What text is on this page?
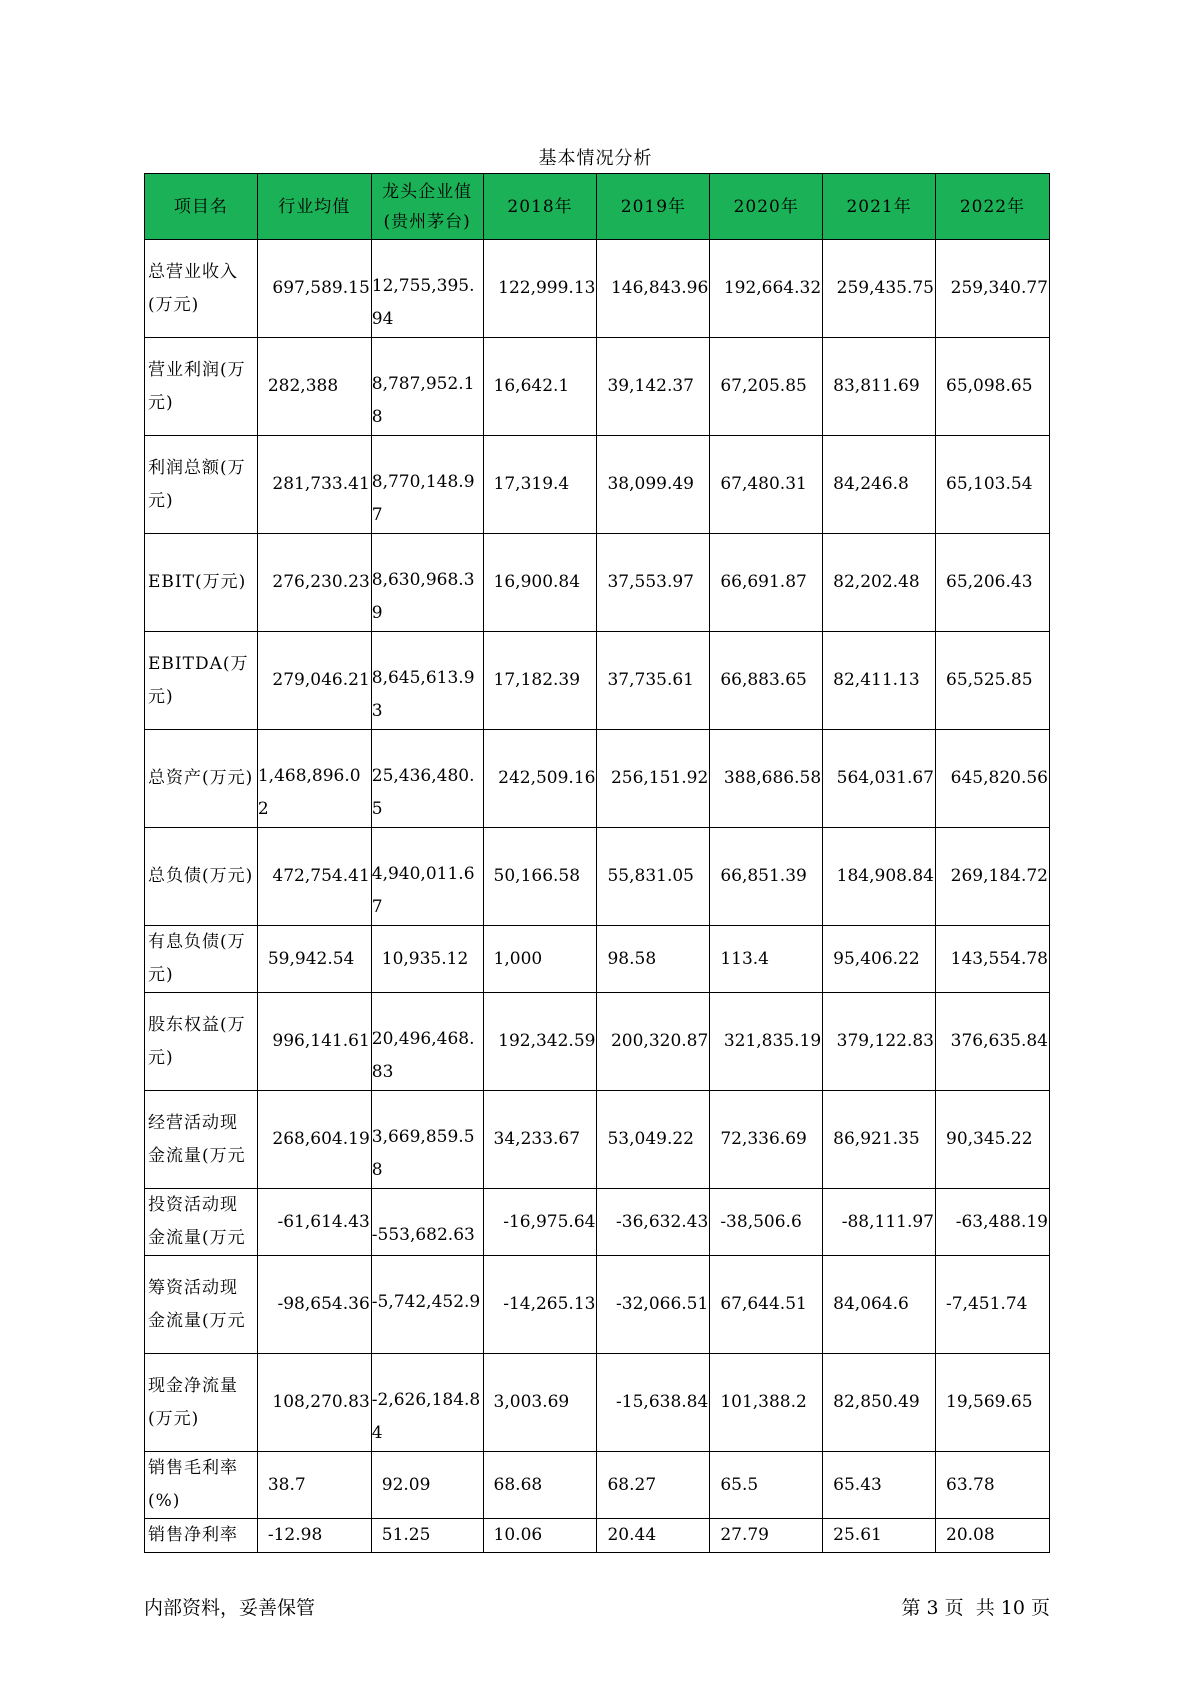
基本情况分析
项目名	行业均值	龙头企业值(贵州茅台)	2018年	2019年	2020年	2021年	2022年
总营业收入(万元)	697,589.15	12,755,395.94	122,999.13	146,843.96	192,664.32	259,435.75	259,340.77
营业利润(万元)	282,388	8,787,952.18	16,642.1	39,142.37	67,205.85	83,811.69	65,098.65
利润总额(万元)	281,733.41	8,770,148.97	17,319.4	38,099.49	67,480.31	84,246.8	65,103.54
EBIT(万元)	276,230.23	8,630,968.39	16,900.84	37,553.97	66,691.87	82,202.48	65,206.43
EBITDA(万元)	279,046.21	8,645,613.93	17,182.39	37,735.61	66,883.65	82,411.13	65,525.85
总资产(万元)	1,468,896.02	25,436,480.5	242,509.16	256,151.92	388,686.58	564,031.67	645,820.56
总负债(万元)	472,754.41	4,940,011.67	50,166.58	55,831.05	66,851.39	184,908.84	269,184.72
有息负债(万元)	59,942.54	10,935.12	1,000	98.58	113.4	95,406.22	143,554.78
股东权益(万元)	996,141.61	20,496,468.83	192,342.59	200,320.87	321,835.19	379,122.83	376,635.84
经营活动现金流量(万元	268,604.19	3,669,859.58	34,233.67	53,049.22	72,336.69	86,921.35	90,345.22
投资活动现金流量(万元	-61,614.43	-553,682.63	-16,975.64	-36,632.43	-38,506.6	-88,111.97	-63,488.19
筹资活动现金流量(万元	-98,654.36	-5,742,452.9	-14,265.13	-32,066.51	67,644.51	84,064.6	-7,451.74
现金净流量(万元)	108,270.83	-2,626,184.84	3,003.69	-15,638.84	101,388.2	82,850.49	19,569.65
销售毛利率(%)	38.7	92.09	68.68	68.27	65.5	65.43	63.78
销售净利率	-12.98	51.25	10.06	20.44	27.79	25.61	20.08
内部资料，妥善保管	第 3 页  共 10 页
